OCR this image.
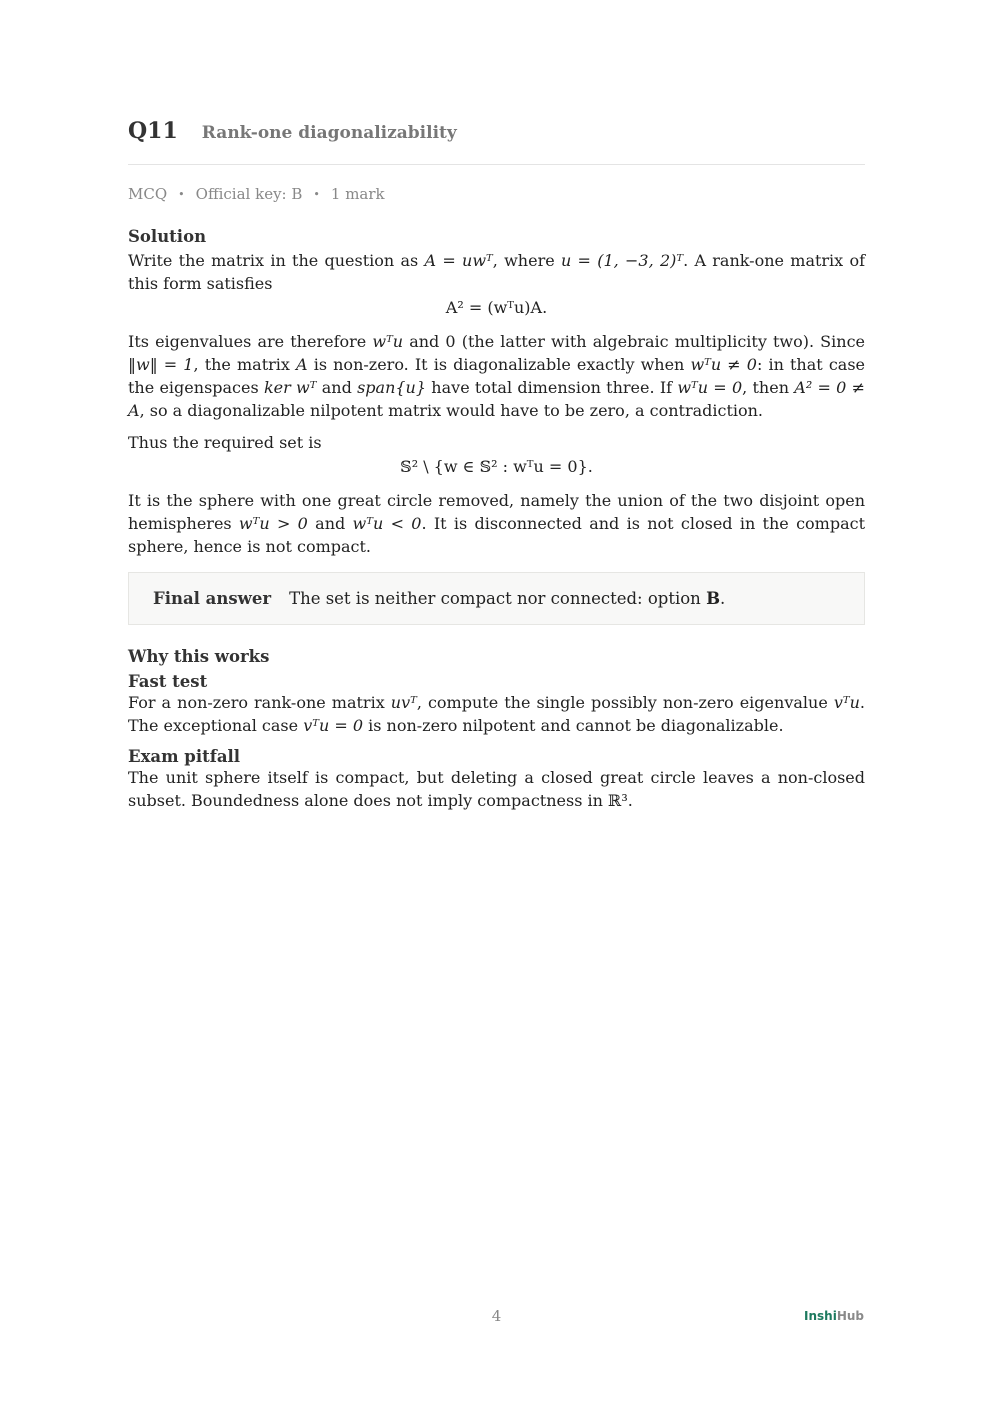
Q11 Rank-one diagonalizability
MCQ • Official key: B • 1 mark
Solution

Write the matrix in the question as A = uwᵀ, where u = (1, −3, 2)ᵀ. A rank-one matrix of this form satisfies

A² = (wᵀu)A.

Its eigenvalues are therefore wᵀu and 0 (the latter with algebraic multiplicity two). Since ‖w‖ = 1, the matrix A is non-zero. It is diagonalizable exactly when wᵀu ≠ 0: in that case the eigenspaces ker wᵀ and span{u} have total dimension three. If wᵀu = 0, then A² = 0 ≠ A, so a diagonalizable nilpotent matrix would have to be zero, a contradiction.

Thus the required set is

𝕊² \ {w ∈ 𝕊² : wᵀu = 0}.

It is the sphere with one great circle removed, namely the union of the two disjoint open hemispheres wᵀu > 0 and wᵀu < 0. It is disconnected and is not closed in the compact sphere, hence is not compact.

Final answer The set is neither compact nor connected: option B.
Why this works
Fast test

For a non-zero rank-one matrix uvᵀ, compute the single possibly non-zero eigenvalue vᵀu. The exceptional case vᵀu = 0 is non-zero nilpotent and cannot be diagonalizable.

Exam pitfall

The unit sphere itself is compact, but deleting a closed great circle leaves a non-closed subset. Boundedness alone does not imply compactness in ℝ³.

4	InshiHub
